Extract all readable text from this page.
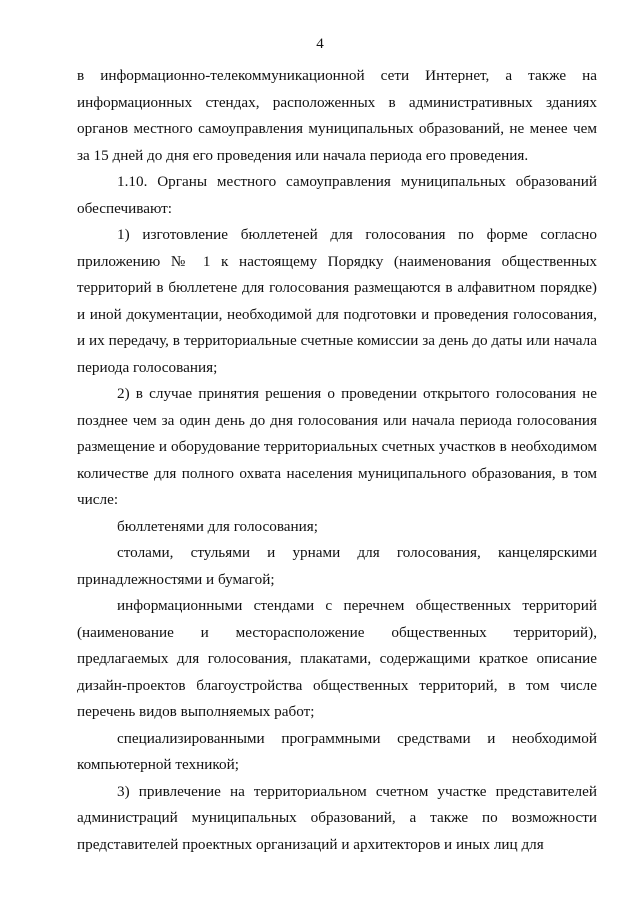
4

в информационно-телекоммуникационной сети Интернет, а также на информационных стендах, расположенных в административных зданиях органов местного самоуправления муниципальных образований, не менее чем за 15 дней до дня его проведения или начала периода его проведения.

1.10. Органы местного самоуправления муниципальных образований обеспечивают:

1) изготовление бюллетеней для голосования по форме согласно приложению № 1 к настоящему Порядку (наименования общественных территорий в бюллетене для голосования размещаются в алфавитном порядке) и иной документации, необходимой для подготовки и проведения голосования, и их передачу, в территориальные счетные комиссии за день до даты или начала периода голосования;

2) в случае принятия решения о проведении открытого голосования не позднее чем за один день до дня голосования или начала периода голосования размещение и оборудование территориальных счетных участков в необходимом количестве для полного охвата населения муниципального образования, в том числе:

бюллетенями для голосования;

столами, стульями и урнами для голосования, канцелярскими принадлежностями и бумагой;

информационными стендами с перечнем общественных территорий (наименование и месторасположение общественных территорий), предлагаемых для голосования, плакатами, содержащими краткое описание дизайн-проектов благоустройства общественных территорий, в том числе перечень видов выполняемых работ;

специализированными программными средствами и необходимой компьютерной техникой;

3) привлечение на территориальном счетном участке представителей администраций муниципальных образований, а также по возможности представителей проектных организаций и архитекторов и иных лиц для
